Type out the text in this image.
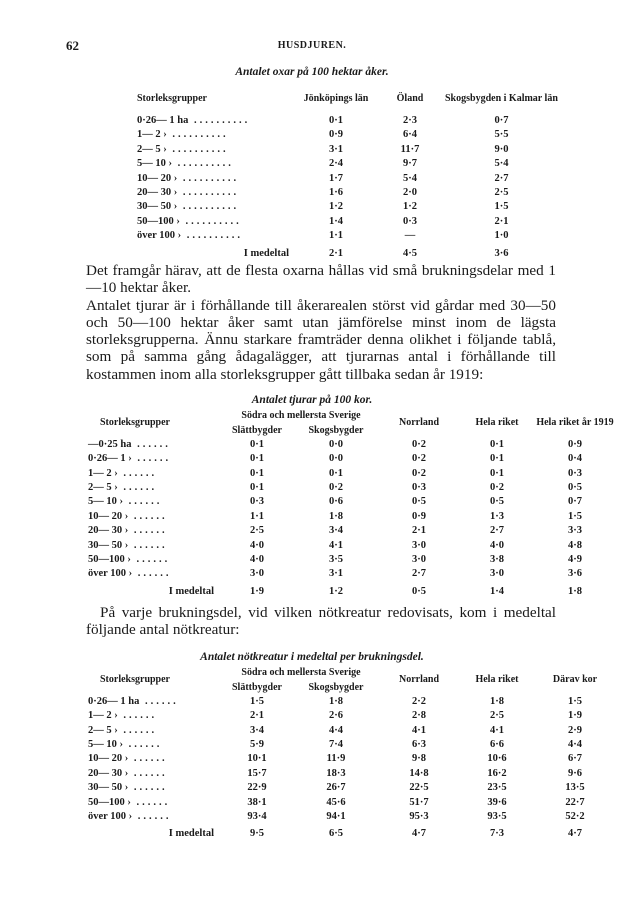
62	HUSDJUREN.
Antalet oxar på 100 hektar åker.
Storleksgrupper	Jönköpings län	Öland	Skogsbygden i Kalmar län
0·26— 1 ha ..........	0·1	2·3	0·7
1— 2 › ..........	0·9	6·4	5·5
2— 5 › ..........	3·1	11·7	9·0
5— 10 › ..........	2·4	9·7	5·4
10— 20 › ..........	1·7	5·4	2·7
20— 30 › ..........	1·6	2·0	2·5
30— 50 › ..........	1·2	1·2	1·5
50—100 › ..........	1·4	0·3	2·1
över 100 › ..........	1·1	—	1·0
I medeltal	2·1	4·5	3·6

Det framgår härav, att de flesta oxarna hållas vid små brukningsdelar med 1—10 hektar åker.

Antalet tjurar är i förhållande till åkerarealen störst vid gårdar med 30—50 och 50—100 hektar åker samt utan jämförelse minst inom de lägsta storleksgrupperna. Ännu starkare framträder denna olikhet i följande tablå, som på samma gång ådagalägger, att tjurarnas antal i förhållande till kostammen inom alla storleksgrupper gått tillbaka sedan år 1919:

Antalet tjurar på 100 kor.
Storleksgrupper	Södra och mellersta Sverige		Norrland	Hela riket	Hela riket år 1919
	Slättbygder	Skogsbygder			
—0·25 ha ......	0·1	0·0	0·2	0·1	0·9
0·26— 1 › ......	0·1	0·0	0·2	0·1	0·4
1— 2 › ......	0·1	0·1	0·2	0·1	0·3
2— 5 › ......	0·1	0·2	0·3	0·2	0·5
5— 10 › ......	0·3	0·6	0·5	0·5	0·7
10— 20 › ......	1·1	1·8	0·9	1·3	1·5
20— 30 › ......	2·5	3·4	2·1	2·7	3·3
30— 50 › ......	4·0	4·1	3·0	4·0	4·8
50—100 › ......	4·0	3·5	3·0	3·8	4·9
över 100 › ......	3·0	3·1	2·7	3·0	3·6
I medeltal	1·9	1·2	0·5	1·4	1·8

På varje brukningsdel, vid vilken nötkreatur redovisats, kom i medeltal följande antal nötkreatur:

Antalet nötkreatur i medeltal per brukningsdel.
Storleksgrupper	Södra och mellersta Sverige		Norrland	Hela riket	Därav kor
	Slättbygder	Skogsbygder			
0·26— 1 ha ......	1·5	1·8	2·2	1·8	1·5
1— 2 › ......	2·1	2·6	2·8	2·5	1·9
2— 5 › ......	3·4	4·4	4·1	4·1	2·9
5— 10 › ......	5·9	7·4	6·3	6·6	4·4
10— 20 › ......	10·1	11·9	9·8	10·6	6·7
20— 30 › ......	15·7	18·3	14·8	16·2	9·6
30— 50 › ......	22·9	26·7	22·5	23·5	13·5
50—100 › ......	38·1	45·6	51·7	39·6	22·7
över 100 › ......	93·4	94·1	95·3	93·5	52·2
I medeltal	9·5	6·5	4·7	7·3	4·7
